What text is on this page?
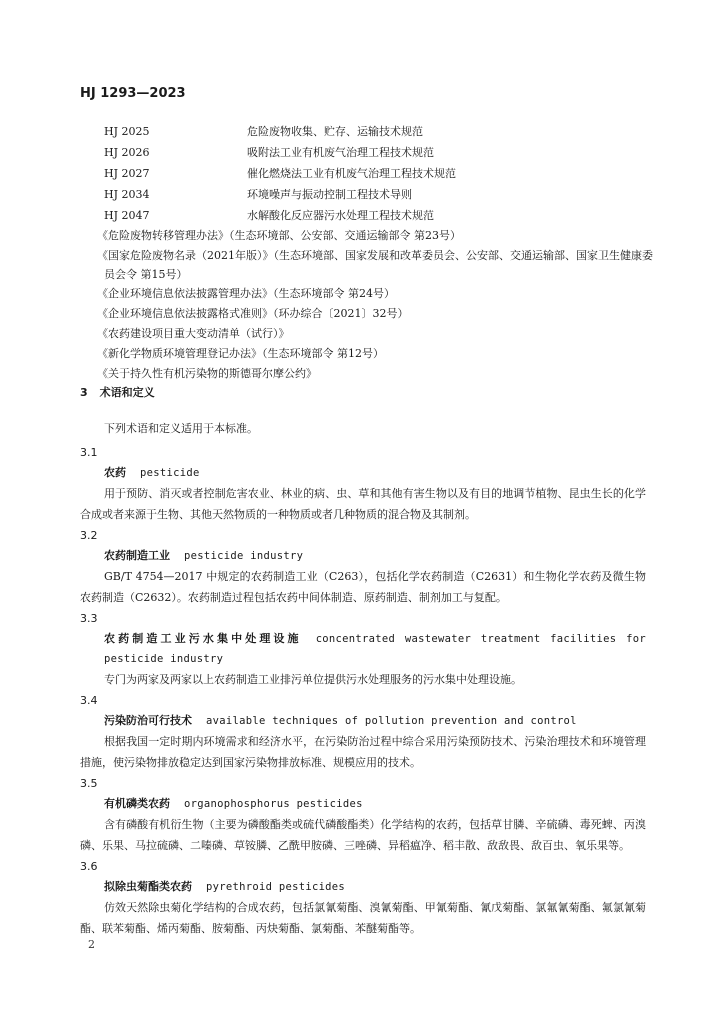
HJ 1293—2023
HJ 2025	危险废物收集、贮存、运输技术规范
HJ 2026	吸附法工业有机废气治理工程技术规范
HJ 2027	催化燃烧法工业有机废气治理工程技术规范
HJ 2034	环境噪声与振动控制工程技术导则
HJ 2047	水解酸化反应器污水处理工程技术规范

《危险废物转移管理办法》（生态环境部、公安部、交通运输部令 第23号）

《国家危险废物名录（2021年版）》（生态环境部、国家发展和改革委员会、公安部、交通运输部、国家卫生健康委员会令 第15号）

《企业环境信息依法披露管理办法》（生态环境部令 第24号）

《企业环境信息依法披露格式准则》（环办综合〔2021〕32号）

《农药建设项目重大变动清单（试行）》

《新化学物质环境管理登记办法》（生态环境部令 第12号）

《关于持久性有机污染物的斯德哥尔摩公约》

3 术语和定义

下列术语和定义适用于本标准。

3.1

农药 pesticide

用于预防、消灭或者控制危害农业、林业的病、虫、草和其他有害生物以及有目的地调节植物、昆虫生长的化学合成或者来源于生物、其他天然物质的一种物质或者几种物质的混合物及其制剂。

3.2

农药制造工业 pesticide industry

GB/T 4754—2017 中规定的农药制造工业（C263），包括化学农药制造（C2631）和生物化学农药及微生物农药制造（C2632）。农药制造过程包括农药中间体制造、原药制造、制剂加工与复配。

3.3

农药制造工业污水集中处理设施 concentrated wastewater treatment facilities for pesticide industry

专门为两家及两家以上农药制造工业排污单位提供污水处理服务的污水集中处理设施。

3.4

污染防治可行技术 available techniques of pollution prevention and control

根据我国一定时期内环境需求和经济水平，在污染防治过程中综合采用污染预防技术、污染治理技术和环境管理措施，使污染物排放稳定达到国家污染物排放标准、规模应用的技术。

3.5

有机磷类农药 organophosphorus pesticides

含有磷酸有机衍生物（主要为磷酸酯类或硫代磷酸酯类）化学结构的农药，包括草甘膦、辛硫磷、毒死蜱、丙溴磷、乐果、马拉硫磷、二嗪磷、草铵膦、乙酰甲胺磷、三唑磷、异稻瘟净、稻丰散、敌敌畏、敌百虫、氧乐果等。

3.6

拟除虫菊酯类农药 pyrethroid pesticides

仿效天然除虫菊化学结构的合成农药，包括氯氰菊酯、溴氰菊酯、甲氰菊酯、氰戊菊酯、氯氟氰菊酯、氟氯氰菊酯、联苯菊酯、烯丙菊酯、胺菊酯、丙炔菊酯、氯菊酯、苯醚菊酯等。

2
